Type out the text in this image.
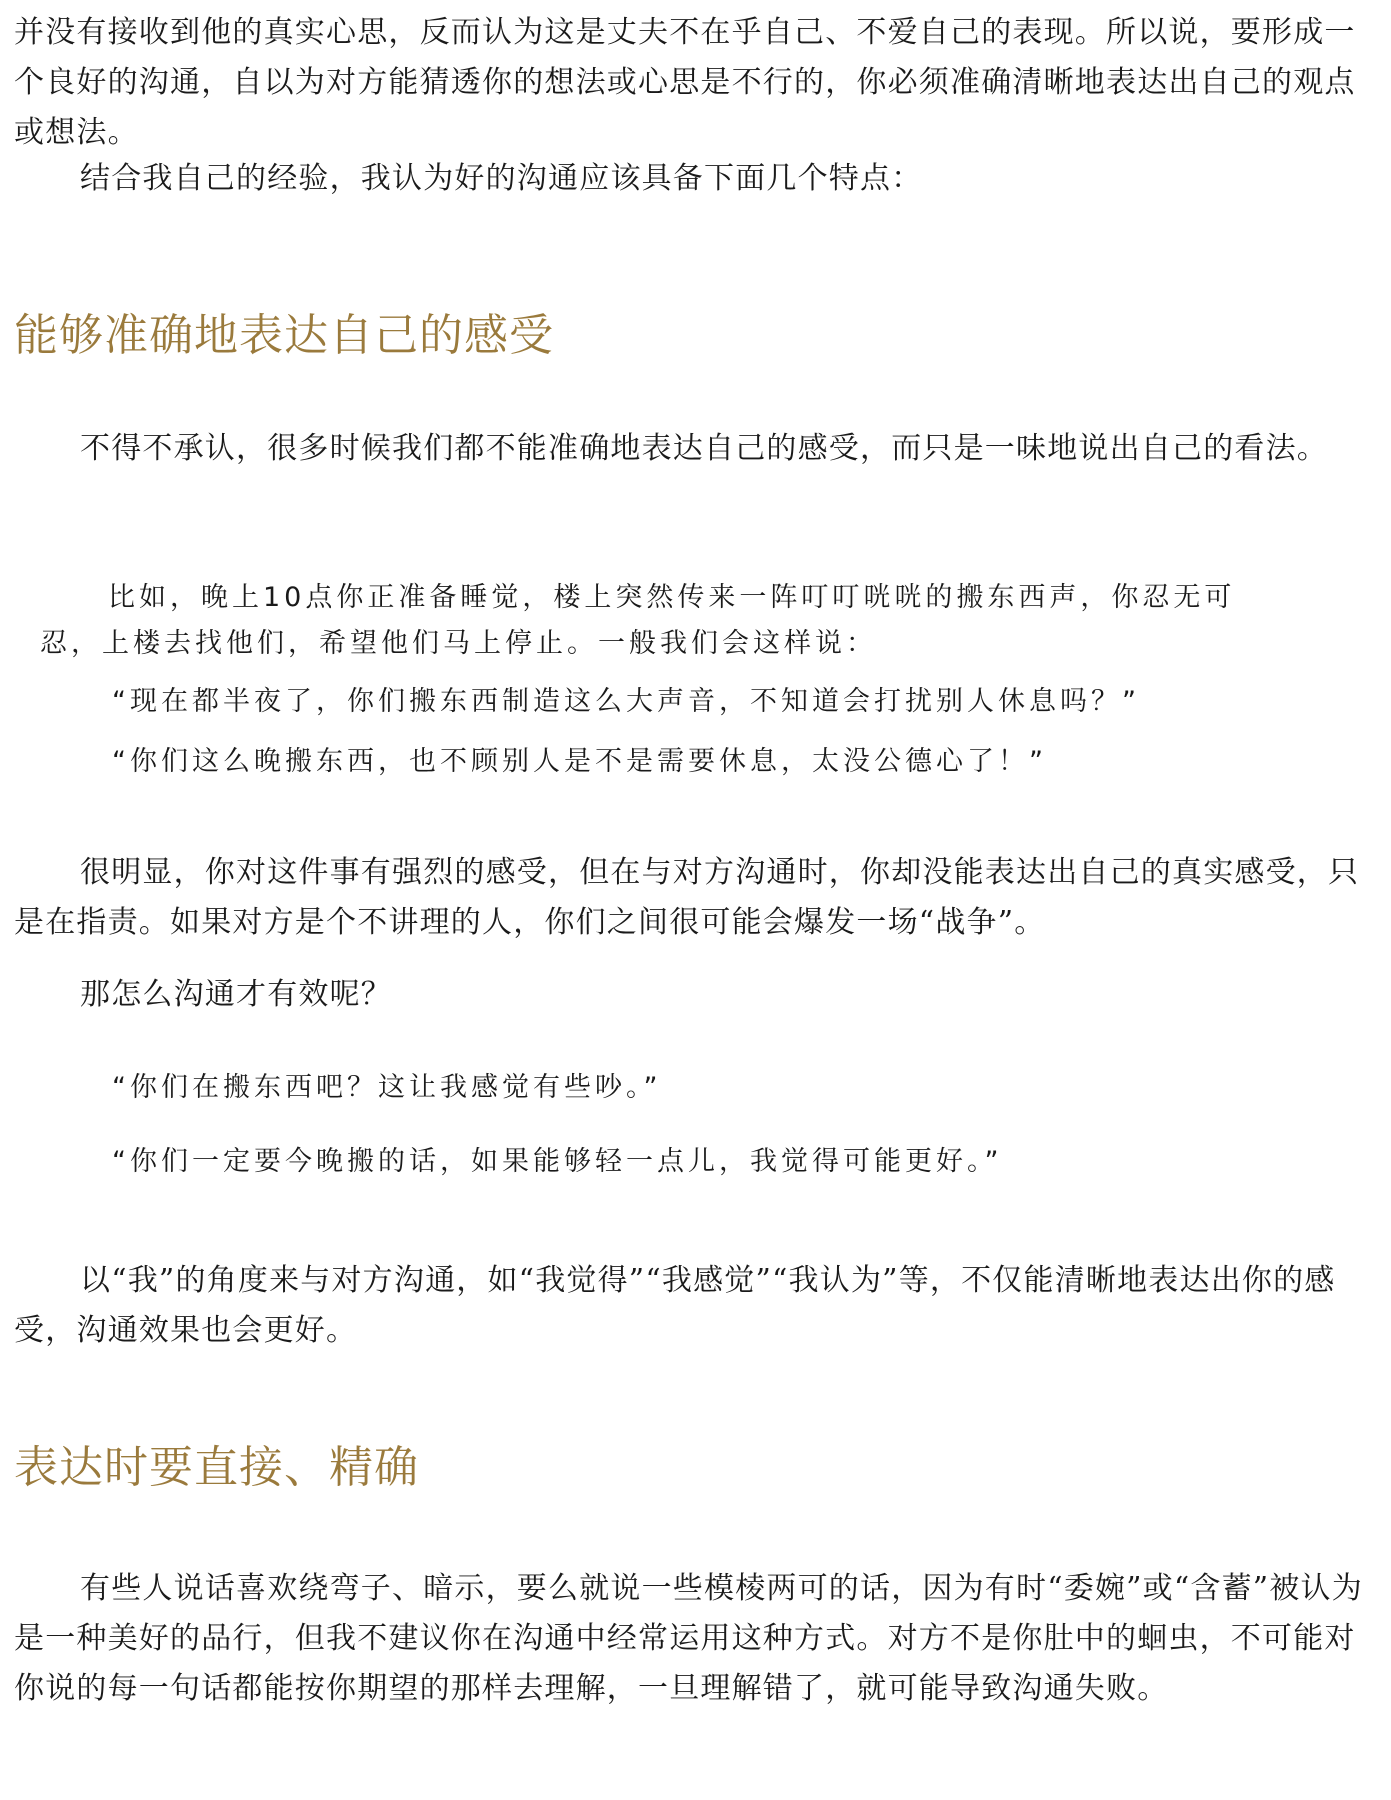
并没有接收到他的真实心思，反而认为这是丈夫不在乎自己、不爱自己的表现。所以说，要形成一个良好的沟通，自以为对方能猜透你的想法或心思是不行的，你必须准确清晰地表达出自己的观点或想法。

结合我自己的经验，我认为好的沟通应该具备下面几个特点：

能够准确地表达自己的感受

不得不承认，很多时候我们都不能准确地表达自己的感受，而只是一味地说出自己的看法。

比如，晚上10点你正准备睡觉，楼上突然传来一阵叮叮咣咣的搬东西声，你忍无可

忍，上楼去找他们，希望他们马上停止。一般我们会这样说：

“现在都半夜了，你们搬东西制造这么大声音，不知道会打扰别人休息吗？”

“你们这么晚搬东西，也不顾别人是不是需要休息，太没公德心了！”

很明显，你对这件事有强烈的感受，但在与对方沟通时，你却没能表达出自己的真实感受，只是在指责。如果对方是个不讲理的人，你们之间很可能会爆发一场“战争”。

那怎么沟通才有效呢？

“你们在搬东西吧？这让我感觉有些吵。”

“你们一定要今晚搬的话，如果能够轻一点儿，我觉得可能更好。”

以“我”的角度来与对方沟通，如“我觉得”“我感觉”“我认为”等，不仅能清晰地表达出你的感受，沟通效果也会更好。

表达时要直接、精确

有些人说话喜欢绕弯子、暗示，要么就说一些模棱两可的话，因为有时“委婉”或“含蓄”被认为是一种美好的品行，但我不建议你在沟通中经常运用这种方式。对方不是你肚中的蛔虫，不可能对你说的每一句话都能按你期望的那样去理解，一旦理解错了，就可能导致沟通失败。
